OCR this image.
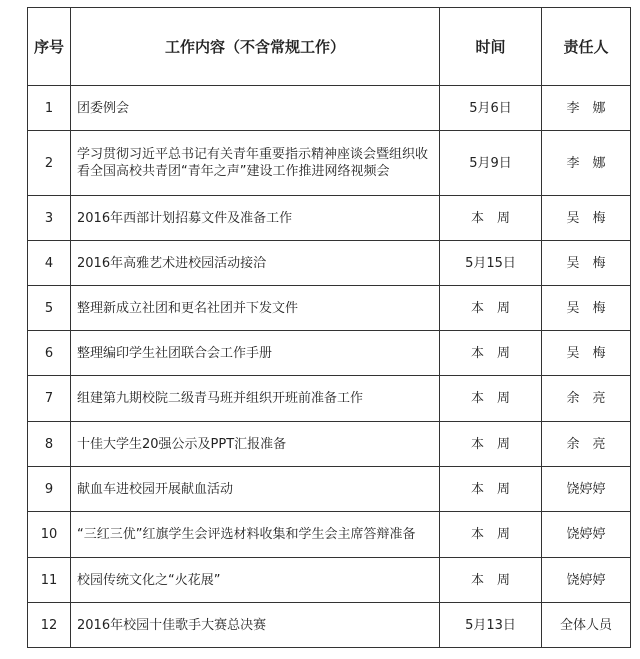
序号	工作内容（不含常规工作）	时间	责任人
1	团委例会	5月6日	李　娜
2	学习贯彻习近平总书记有关青年重要指示精神座谈会暨组织收看全国高校共青团“青年之声”建设工作推进网络视频会	5月9日	李　娜
3	2016年西部计划招募文件及准备工作	本　周	吴　梅
4	2016年高雅艺术进校园活动接洽	5月15日	吴　梅
5	整理新成立社团和更名社团并下发文件	本　周	吴　梅
6	整理编印学生社团联合会工作手册	本　周	吴　梅
7	组建第九期校院二级青马班并组织开班前准备工作	本　周	余　亮
8	十佳大学生20强公示及PPT汇报准备	本　周	余　亮
9	献血车进校园开展献血活动	本　周	饶婷婷
10	“三红三优”红旗学生会评选材料收集和学生会主席答辩准备	本　周	饶婷婷
11	校园传统文化之“火花展”	本　周	饶婷婷
12	2016年校园十佳歌手大赛总决赛	5月13日	全体人员
